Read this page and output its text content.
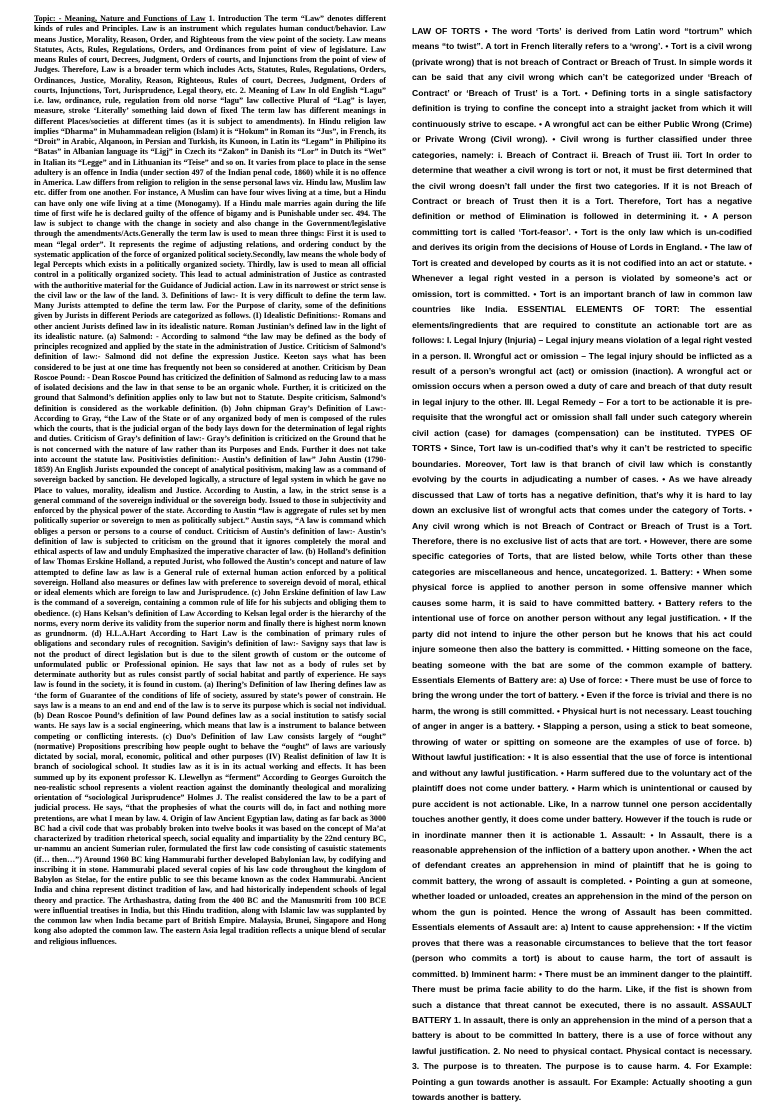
Topic: - Meaning, Nature and Functions of Law 1. Introduction The term “Law” denotes different kinds of rules and Principles. Law is an instrument which regulates human conduct/behavior. Law means Justice, Morality, Reason, Order, and Righteous from the view point of the society. Law means Statutes, Acts, Rules, Regulations, Orders, and Ordinances from point of view of legislature. Law means Rules of court, Decrees, Judgment, Orders of courts, and Injunctions from the point of view of Judges. Therefore, Law is a broader term which includes Acts, Statutes, Rules, Regulations, Orders, Ordinances, Justice, Morality, Reason, Righteous, Rules of court, Decrees, Judgment, Orders of courts, Injunctions, Tort, Jurisprudence, Legal theory, etc. 2. Meaning of Law In old English “Lagu” i.e. law, ordinance, rule, regulation from old norse “lagu” law collective Plural of “Lag” is layer, measure, stroke ‘Literally’ something laid down of fixed The term law has different meanings in different Places/societies at different times (as it is subject to amendments). In Hindu religion law implies “Dharma” in Muhammadean religion (Islam) it is “Hokum” in Roman its “Jus”, in French, its “Droit” in Arabic, Alqanoon, in Persian and Turkish, its Kunoon, in Latin its “Legam” in Philipino its “Batas” in Albanian language its “Ligj” in Czech its “Zakon” in Danish its “Lor” in Dutch its “Wet” in Italian its “Legge” and in Lithuanian its “Teise” and so on. It varies from place to place in the sense adultery is an offence in India (under section 497 of the Indian penal code, 1860) while it is no offence in America. Law differs from religion to religion in the sense personal laws viz. Hindu law, Muslim law etc. differ from one another. For instance, A Muslim can have four wives living at a time, but a Hindu can have only one wife living at a time (Monogamy). If a Hindu male marries again during the life time of first wife he is declared guilty of the offence of bigamy and is Punishable under sec. 494. The law is subject to change with the change in society and also change in the Government/legislative through the amendments/Acts.Generally the term law is used to mean three things: First it is used to mean “legal order”. It represents the regime of adjusting relations, and ordering conduct by the systematic application of the force of organized political society.Secondly, law means the whole body of legal Percepts which exists in a politically organized society. Thirdly, law is used to mean all official control in a politically organized society. This lead to actual administration of Justice as contrasted with the authoritive material for the Guidance of Judicial action. Law in its narrowest or strict sense is the civil law or the law of the land. 3. Definitions of law:- It is very difficult to define the term law. Many Jurists attempted to define the term law. For the Purpose of clarity, some of the definitions given by Jurists in different Periods are categorized as follows. (I) Idealistic Definitions:- Romans and other ancient Jurists defined law in its idealistic nature. Roman Justinian’s defined law in the light of its idealistic nature. (a) Salmond: - According to salmond “the law may be defined as the body of principles recognized and applied by the state in the administration of Justice. Criticism of Salmond’s definition of law:- Salmond did not define the expression Justice. Keeton says what has been considered to be just at one time has frequently not been so considered at another. Criticism by Dean Roscoe Pound: - Dean Roscoe Pound has criticized the definition of Salmond as reducing law to a mass of isolated decisions and the law in that sense to be an organic whole. Further, it is criticized on the ground that Salmond’s definition applies only to law but not to Statute. Despite criticism, Salmond’s definition is considered as the workable definition. (b) John chipman Gray’s Definition of Law:- According to Gray, “the Law of the State or of any organized body of men is composed of the rules which the courts, that is the judicial organ of the body lays down for the determination of legal rights and duties. Criticism of Gray’s definition of law:- Gray’s definition is criticized on the Ground that he is not concerned with the nature of law rather than its Purposes and Ends. Further it does not take into account the statute law. Positivisties definition:- Austin’s definition of law” John Austin (1790-1859) An English Jurists expounded the concept of analytical positivism, making law as a command of sovereign backed by sanction. He developed logically, a structure of legal system in which he gave no Place to values, morality, idealism and Justice. According to Austin, a law, in the strict sense is a general command of the sovereign individual or the sovereign body. Issued to those in subjectivity and enforced by the physical power of the state. According to Austin “law is aggregate of rules set by men politically superior or sovereign to men as politically subject.” Austin says, “A law is command which obliges a person or persons to a course of conduct. Criticism of Austin’s definition of law:- Austin’s definition of law is subjected to criticism on the ground that it ignores completely the moral and ethical aspects of law and unduly Emphasized the imperative character of law. (b) Holland’s definition of law Thomas Erskine Holland, a reputed Jurist, who followed the Austin’s concept and nature of law attempted to define law as law is a General rule of external human action enforced by a political sovereign. Holland also measures or defines law with preference to sovereign devoid of moral, ethical or ideal elements which are foreign to law and Jurisprudence. (c) John Erskine definition of law Law is the command of a sovereign, containing a common rule of life for his subjects and obliging them to obedience. (c) Hans Kelsan’s definition of Law According to Kelsan legal order is the hierarchy of the norms, every norm derive its validity from the superior norm and finally there is highest norm known as grundnorm. (d) H.L.A.Hart According to Hart Law is the combination of primary rules of obligations and secondary rules of recognition. Savigin’s definition of law:- Savigny says that law is not the product of direct legislation but is due to the silent growth of custom or the outcome of unformulated public or Professional opinion. He says that law not as a body of rules set by determinate authority but as rules consist partly of social habitat and partly of experience. He says law is found in the society, it is found in custom. (a) Ihering’s Definition of law Ihering defines law as ‘the form of Guarantee of the conditions of life of society, assured by state’s power of constrain. He says law is a means to an end and end of the law is to serve its purpose which is social not individual. (b) Dean Roscoe Pound’s definition of law Pound defines law as a social institution to satisfy social wants. He says law is a social engineering, which means that law is a instrument to balance between competing or conflicting interests. (c) Duo’s Definition of law Law consists largely of “ought” (normative) Propositions prescribing how people ought to behave the “ought” of laws are variously dictated by social, moral, economic, political and other purposes (IV) Realist definition of law It is branch of sociological school. It studies law as it is in its actual working and effects. It has been summed up by its exponent professor K. Llewellyn as “ferment” According to Georges Guroitch the neo-realistic school represents a violent reaction against the dominantly theological and moralizing orientation of “sociological Jurisprudence” Holmes J. The realist considered the law to be a part of judicial process. He says, “that the prophesies of what the courts will do, in fact and nothing more pretentions, are what I mean by law. 4. Origin of law Ancient Egyptian law, dating as far back as 3000 BC had a civil code that was probably broken into twelve books it was based on the concept of Ma’at characterized by tradition rhetorical speech, social equality and impartiality by the 22nd century BC, ur-nammu an ancient Sumerian ruler, formulated the first law code consisting of casuistic statements (if… then…”) Around 1960 BC king Hammurabi further developed Babylonian law, by codifying and inscribing it in stone. Hammurabi placed several copies of his law code throughout the kingdom of Babylon as Stelae, for the entire public to see this became known as the codex Hammurabi. Ancient India and china represent distinct tradition of law, and had historically independent schools of legal theory and practice. The Arthashastra, dating from the 400 BC and the Manusmriti from 100 BCE were influential treatises in India, but this Hindu tradition, along with Islamic law was supplanted by the common law when India became part of British Empire. Malaysia, Brunei, Singapore and Hong kong also adopted the common law. The eastern Asia legal tradition reflects a unique blend of secular and religious influences.

LAW OF TORTS • The word ‘Torts’ is derived from Latin word “tortrum” which means “to twist”. A tort in French literally refers to a ‘wrong’. • Tort is a civil wrong (private wrong) that is not breach of Contract or Breach of Trust. In simple words it can be said that any civil wrong which can’t be categorized under ‘Breach of Contract’ or ‘Breach of Trust’ is a Tort. • Defining torts in a single satisfactory definition is trying to confine the concept into a straight jacket from which it will continuously strive to escape. • A wrongful act can be either Public Wrong (Crime) or Private Wrong (Civil wrong). • Civil wrong is further classified under three categories, namely: i. Breach of Contract ii. Breach of Trust iii. Tort In order to determine that weather a civil wrong is tort or not, it must be first determined that the civil wrong doesn’t fall under the first two categories. If it is not Breach of Contract or breach of Trust then it is a Tort. Therefore, Tort has a negative definition or method of Elimination is followed in determining it. • A person committing tort is called ‘Tort-feasor’. • Tort is the only law which is un-codified and derives its origin from the decisions of House of Lords in England. • The law of Tort is created and developed by courts as it is not codified into an act or statute. • Whenever a legal right vested in a person is violated by someone’s act or omission, tort is committed. • Tort is an important branch of law in common law countries like India. ESSENTIAL ELEMENTS OF TORT: The essential elements/ingredients that are required to constitute an actionable tort are as follows: I. Legal Injury (Injuria) – Legal injury means violation of a legal right vested in a person. II. Wrongful act or omission – The legal injury should be inflicted as a result of a person’s wrongful act (act) or omission (inaction). A wrongful act or omission occurs when a person owed a duty of care and breach of that duty result in legal injury to the other. III. Legal Remedy – For a tort to be actionable it is pre-requisite that the wrongful act or omission shall fall under such category wherein civil action (case) for damages (compensation) can be instituted. TYPES OF TORTS • Since, Tort law is un-codified that’s why it can’t be restricted to specific boundaries. Moreover, Tort law is that branch of civil law which is constantly evolving by the courts in adjudicating a number of cases. • As we have already discussed that Law of torts has a negative definition, that’s why it is hard to lay down an exclusive list of wrongful acts that comes under the category of Torts. • Any civil wrong which is not Breach of Contract or Breach of Trust is a Tort. Therefore, there is no exclusive list of acts that are tort. • However, there are some specific categories of Torts, that are listed below, while Torts other than these categories are miscellaneous and hence, uncategorized. 1. Battery: • When some physical force is applied to another person in some offensive manner which causes some harm, it is said to have committed battery. • Battery refers to the intentional use of force on another person without any legal justification. • If the party did not intend to injure the other person but he knows that his act could injure someone then also the battery is committed. • Hitting someone on the face, beating someone with the bat are some of the common example of battery. Essentials Elements of Battery are: a) Use of force: • There must be use of force to bring the wrong under the tort of battery. • Even if the force is trivial and there is no harm, the wrong is still committed. • Physical hurt is not necessary. Least touching of anger in anger is a battery. • Slapping a person, using a stick to beat someone, throwing of water or spitting on someone are the examples of use of force. b) Without lawful justification: • It is also essential that the use of force is intentional and without any lawful justification. • Harm suffered due to the voluntary act of the plaintiff does not come under battery. • Harm which is unintentional or caused by pure accident is not actionable. Like, In a narrow tunnel one person accidentally touches another gently, it does come under battery. However if the touch is rude or in inordinate manner then it is actionable 1. Assault: • In Assault, there is a reasonable apprehension of the infliction of a battery upon another. • When the act of defendant creates an apprehension in mind of plaintiff that he is going to commit battery, the wrong of assault is completed. • Pointing a gun at someone, whether loaded or unloaded, creates an apprehension in the mind of the person on whom the gun is pointed. Hence the wrong of Assault has been committed. Essentials elements of Assault are: a) Intent to cause apprehension: • If the victim proves that there was a reasonable circumstances to believe that the tort feasor (person who commits a tort) is about to cause harm, the tort of assault is committed. b) Imminent harm: • There must be an imminent danger to the plaintiff. There must be prima facie ability to do the harm. Like, if the fist is shown from such a distance that threat cannot be executed, there is no assault. ASSAULT BATTERY 1. In assault, there is only an apprehension in the mind of a person that a battery is about to be committed In battery, there is a use of force without any lawful justification. 2. No need to physical contact. Physical contact is necessary. 3. The purpose is to threaten. The purpose is to cause harm. 4. For Example: Pointing a gun towards another is assault. For Example: Actually shooting a gun towards another is battery.
